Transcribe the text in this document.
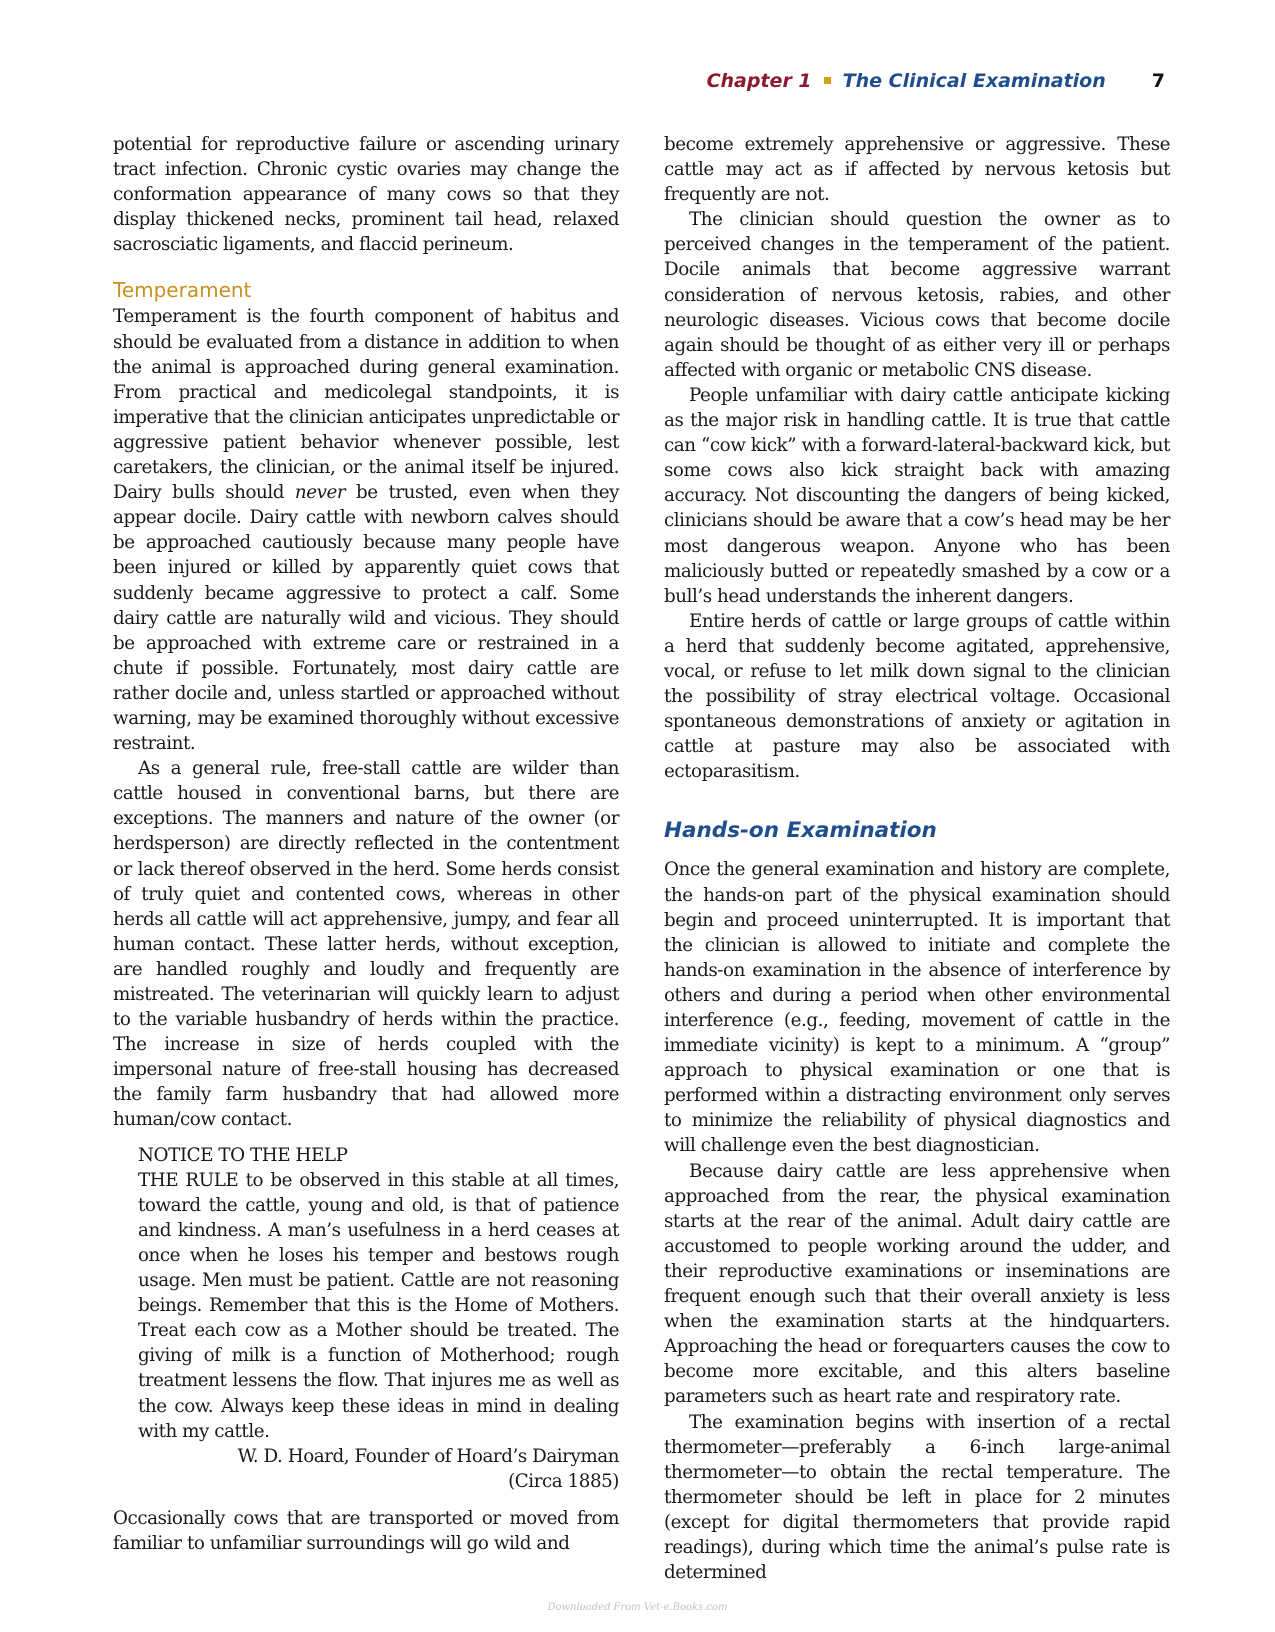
Chapter 1 The Clinical Examination 7

potential for reproductive failure or ascending urinary tract infection. Chronic cystic ovaries may change the conformation appearance of many cows so that they display thickened necks, prominent tail head, relaxed sacrosciatic ligaments, and flaccid perineum.

Temperament

Temperament is the fourth component of habitus and should be evaluated from a distance in addition to when the animal is approached during general examination. From practical and medicolegal standpoints, it is imperative that the clinician anticipates unpredictable or aggressive patient behavior whenever possible, lest caretakers, the clinician, or the animal itself be injured. Dairy bulls should never be trusted, even when they appear docile. Dairy cattle with newborn calves should be approached cautiously because many people have been injured or killed by apparently quiet cows that suddenly became aggressive to protect a calf. Some dairy cattle are naturally wild and vicious. They should be approached with extreme care or restrained in a chute if possible. Fortunately, most dairy cattle are rather docile and, unless startled or approached without warning, may be examined thoroughly without excessive restraint.

As a general rule, free-stall cattle are wilder than cattle housed in conventional barns, but there are exceptions. The manners and nature of the owner (or herdsperson) are directly reflected in the contentment or lack thereof observed in the herd. Some herds consist of truly quiet and contented cows, whereas in other herds all cattle will act apprehensive, jumpy, and fear all human contact. These latter herds, without exception, are handled roughly and loudly and frequently are mistreated. The veterinarian will quickly learn to adjust to the variable husbandry of herds within the practice. The increase in size of herds coupled with the impersonal nature of free-stall housing has decreased the family farm husbandry that had allowed more human/cow contact.

NOTICE TO THE HELP

THE RULE to be observed in this stable at all times, toward the cattle, young and old, is that of patience and kindness. A man’s usefulness in a herd ceases at once when he loses his temper and bestows rough usage. Men must be patient. Cattle are not reasoning beings. Remember that this is the Home of Mothers. Treat each cow as a Mother should be treated. The giving of milk is a function of Motherhood; rough treatment lessens the flow. That injures me as well as the cow. Always keep these ideas in mind in dealing with my cattle.

W. D. Hoard, Founder of Hoard’s Dairyman

(Circa 1885)

Occasionally cows that are transported or moved from familiar to unfamiliar surroundings will go wild and

become extremely apprehensive or aggressive. These cattle may act as if affected by nervous ketosis but frequently are not.

The clinician should question the owner as to perceived changes in the temperament of the patient. Docile animals that become aggressive warrant consideration of nervous ketosis, rabies, and other neurologic diseases. Vicious cows that become docile again should be thought of as either very ill or perhaps affected with organic or metabolic CNS disease.

People unfamiliar with dairy cattle anticipate kicking as the major risk in handling cattle. It is true that cattle can “cow kick” with a forward-lateral-backward kick, but some cows also kick straight back with amazing accuracy. Not discounting the dangers of being kicked, clinicians should be aware that a cow’s head may be her most dangerous weapon. Anyone who has been maliciously butted or repeatedly smashed by a cow or a bull’s head understands the inherent dangers.

Entire herds of cattle or large groups of cattle within a herd that suddenly become agitated, apprehensive, vocal, or refuse to let milk down signal to the clinician the possibility of stray electrical voltage. Occasional spontaneous demonstrations of anxiety or agitation in cattle at pasture may also be associated with ectoparasitism.

Hands-on Examination

Once the general examination and history are complete, the hands-on part of the physical examination should begin and proceed uninterrupted. It is important that the clinician is allowed to initiate and complete the hands-on examination in the absence of interference by others and during a period when other environmental interference (e.g., feeding, movement of cattle in the immediate vicinity) is kept to a minimum. A “group” approach to physical examination or one that is performed within a distracting environment only serves to minimize the reliability of physical diagnostics and will challenge even the best diagnostician.

Because dairy cattle are less apprehensive when approached from the rear, the physical examination starts at the rear of the animal. Adult dairy cattle are accustomed to people working around the udder, and their reproductive examinations or inseminations are frequent enough such that their overall anxiety is less when the examination starts at the hindquarters. Approaching the head or forequarters causes the cow to become more excitable, and this alters baseline parameters such as heart rate and respiratory rate.

The examination begins with insertion of a rectal thermometer—preferably a 6-inch large-animal thermometer—to obtain the rectal temperature. The thermometer should be left in place for 2 minutes (except for digital thermometers that provide rapid readings), during which time the animal’s pulse rate is determined

Downloaded From Vet-e.Books.com
